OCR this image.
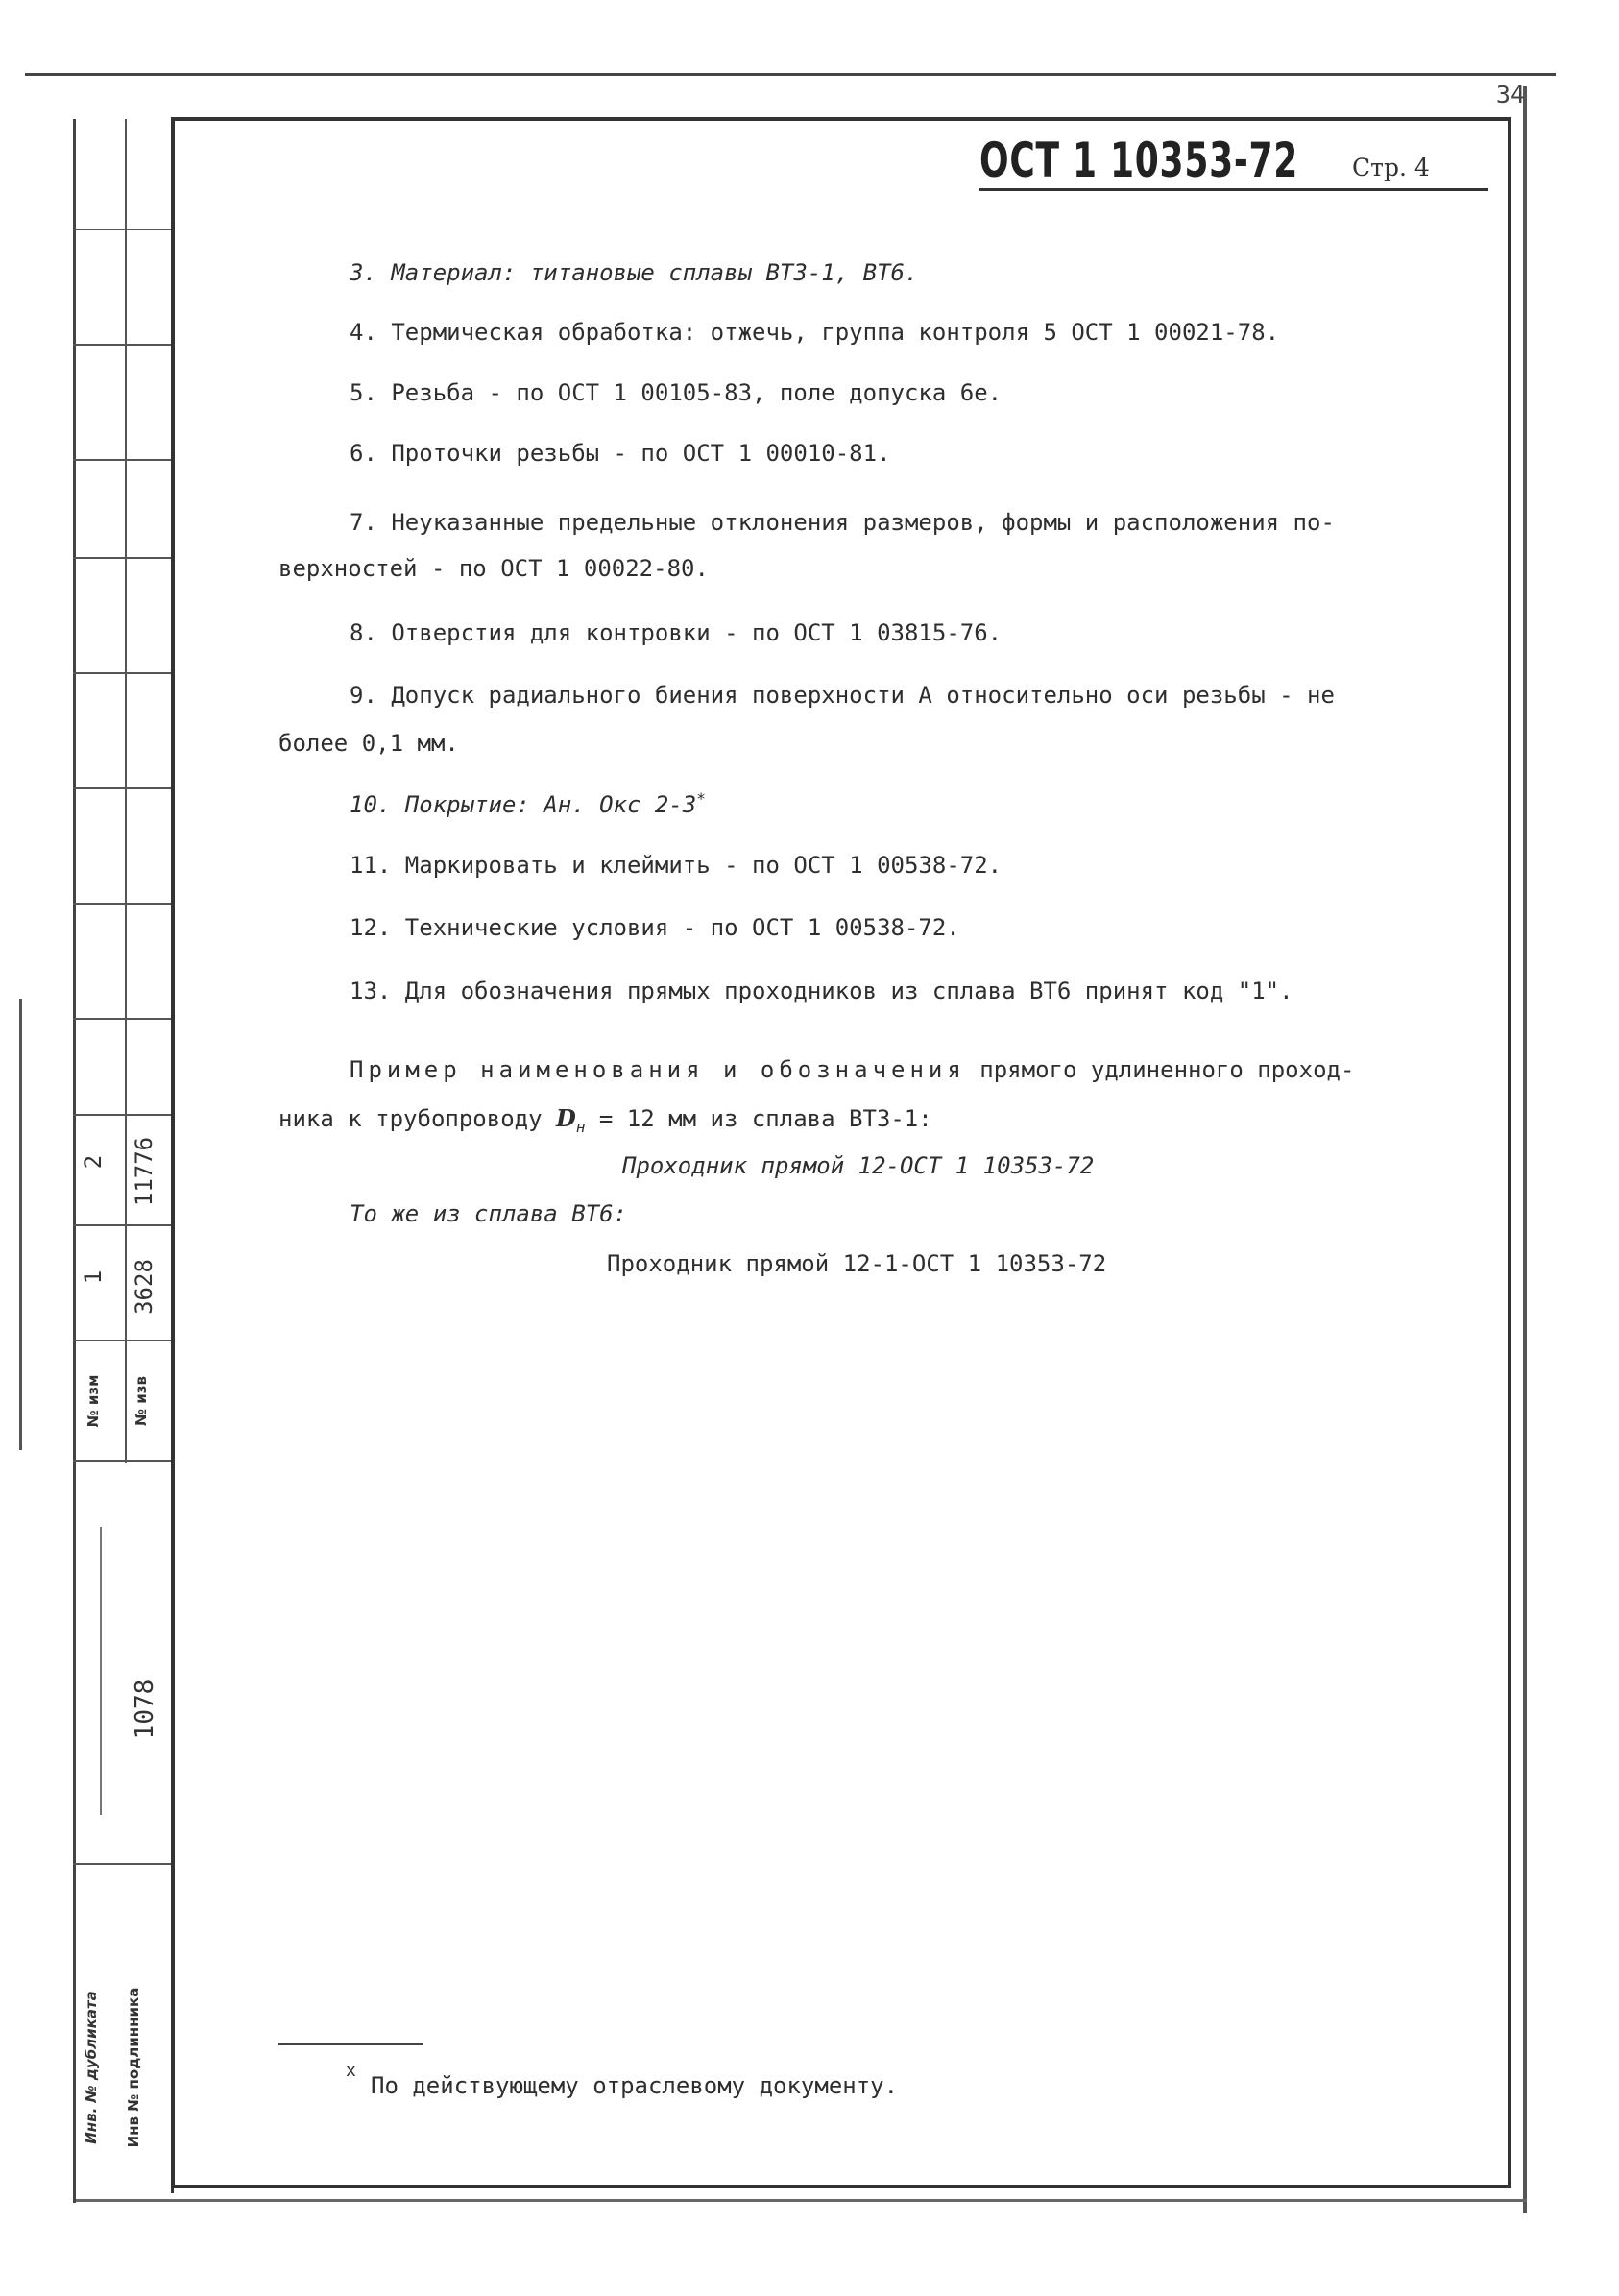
2	11776
1	3628
№ изм	№ изв
1078
Инв. № дубликата	Инв № подлинника
34
ОСТ 1 10353-72 Стр. 4
3. Материал: титановые сплавы ВТ3-1, ВТ6.
4. Термическая обработка: отжечь, группа контроля 5 ОСТ 1 00021-78.
5. Резьба - по ОСТ 1 00105-83, поле допуска 6e.
6. Проточки резьбы - по ОСТ 1 00010-81.
7. Неуказанные предельные отклонения размеров, формы и расположения по-
верхностей - по ОСТ 1 00022-80.
8. Отверстия для контровки - по ОСТ 1 03815-76.
9. Допуск радиального биения поверхности А относительно оси резьбы - не
более 0,1 мм.
10. Покрытие: Ан. Окс 2-3*
11. Маркировать и клеймить - по ОСТ 1 00538-72.
12. Технические условия - по ОСТ 1 00538-72.
13. Для обозначения прямых проходников из сплава ВТ6 принят код "1".
Пример наименования и обозначения прямого удлиненного проход-
ника к трубопроводу $D_н = 12$ мм из сплава ВТ3-1:
Проходник прямой 12-ОСТ 1 10353-72
То же из сплава ВТ6:
Проходник прямой 12-1-ОСТ 1 10353-72
x
По действующему отраслевому документу.
